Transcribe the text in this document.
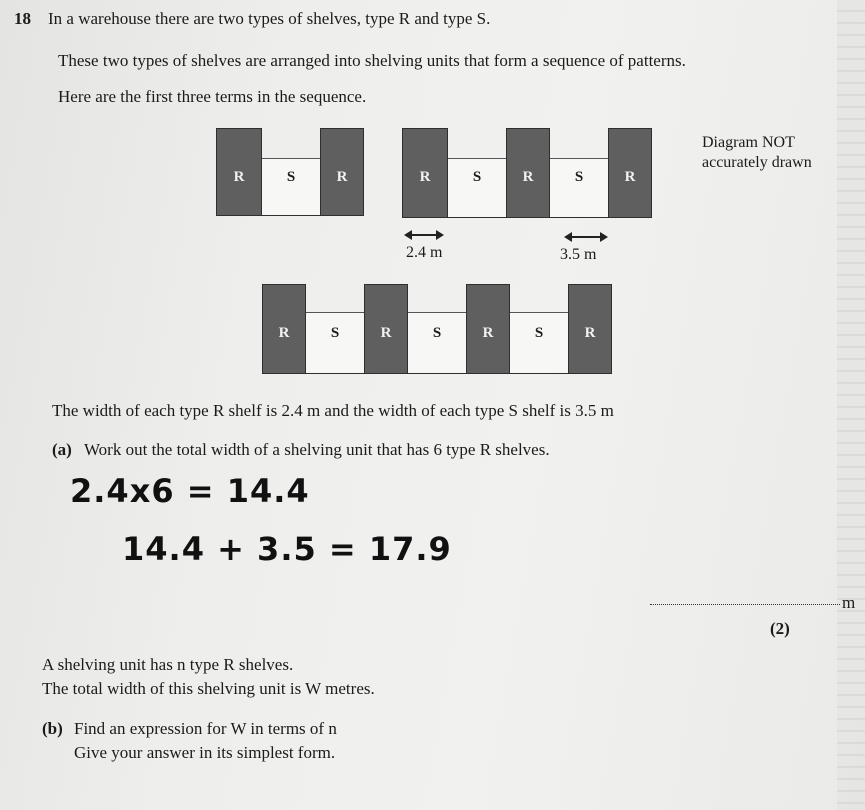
18 In a warehouse there are two types of shelves, type R and type S.
These two types of shelves are arranged into shelving units that form a sequence of patterns.
Here are the first three terms in the sequence.
Diagram NOT
accurately drawn
R	S	R	R	S	R	S	R
2.4 m	3.5 m
R	S	R	S	R	S	R
The width of each type R shelf is 2.4 m and the width of each type S shelf is 3.5 m
(a) Work out the total width of a shelving unit that has 6 type R shelves.
2.4x6 = 14.4
14.4 + 3.5 = 17.9
m
(2)
A shelving unit has n type R shelves.
The total width of this shelving unit is W metres.
(b) Find an expression for W in terms of n
Give your answer in its simplest form.
